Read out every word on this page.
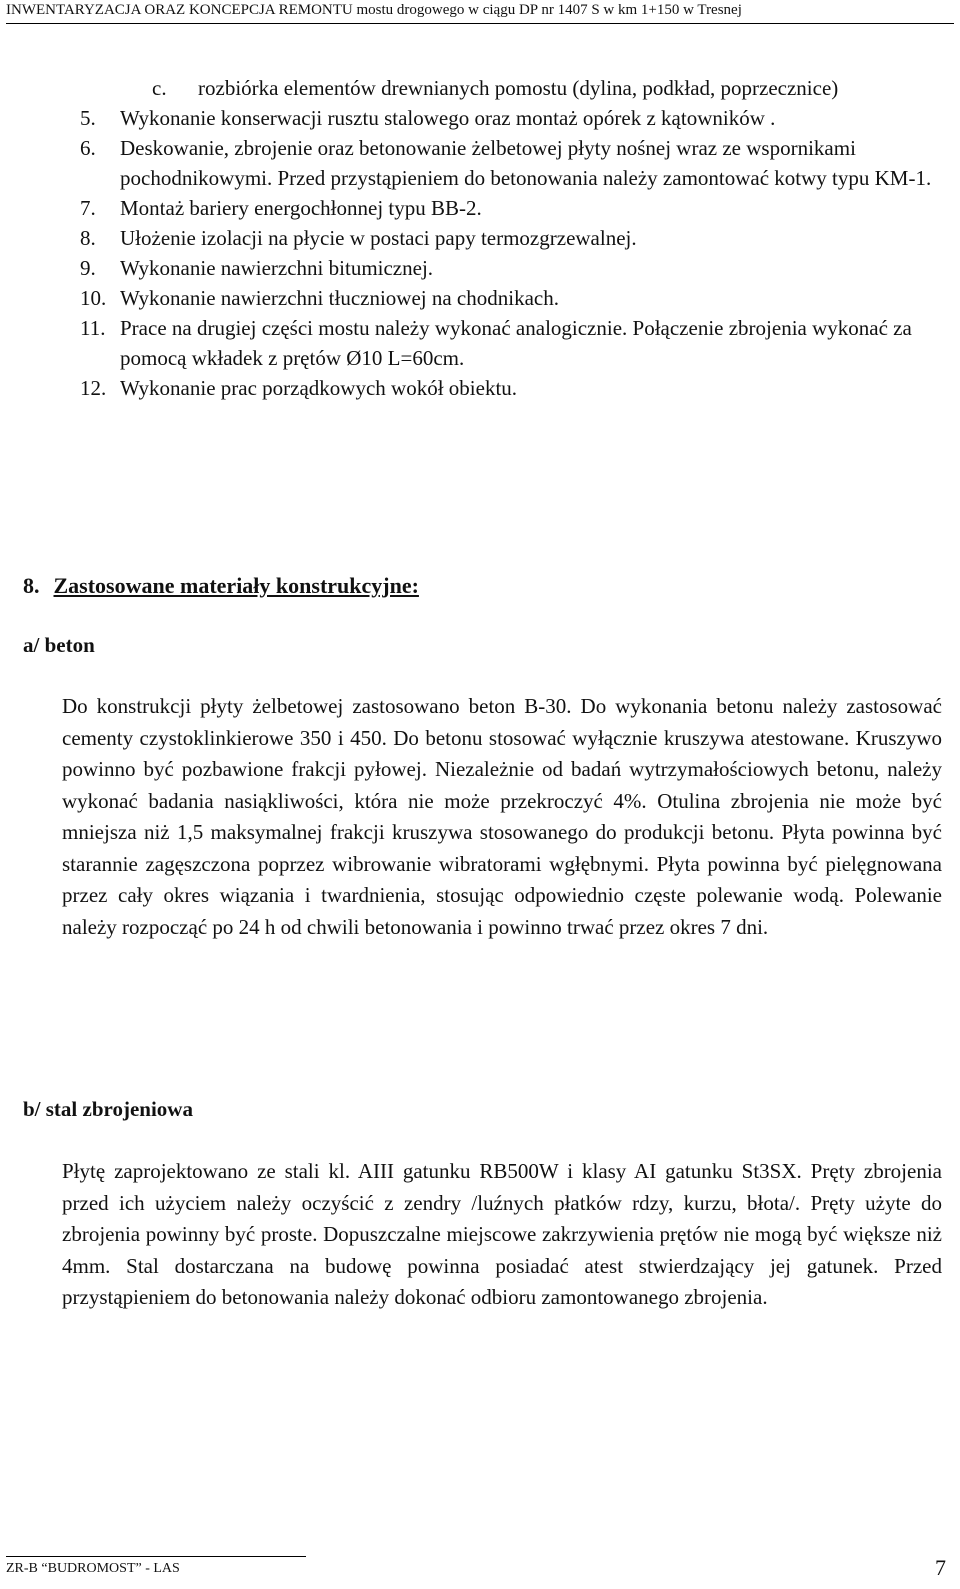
INWENTARYZACJA ORAZ KONCEPCJA REMONTU mostu drogowego w ciągu DP nr 1407 S w km 1+150 w Tresnej
c. rozbiórka elementów drewnianych pomostu (dylina, podkład, poprzecznice)
5. Wykonanie konserwacji rusztu stalowego oraz montaż opórek z kątowników .
6. Deskowanie, zbrojenie oraz betonowanie żelbetowej płyty nośnej wraz ze wspornikami pochodnikowymi. Przed przystąpieniem do betonowania należy zamontować kotwy typu KM-1.
7. Montaż bariery energochłonnej typu BB-2.
8. Ułożenie izolacji na płycie w postaci papy termozgrzewalnej.
9. Wykonanie nawierzchni bitumicznej.
10. Wykonanie nawierzchni tłuczniowej na chodnikach.
11. Prace na drugiej części mostu należy wykonać analogicznie. Połączenie zbrojenia wykonać za pomocą wkładek z prętów Ø10 L=60cm.
12. Wykonanie prac porządkowych wokół obiektu.
8. Zastosowane materiały konstrukcyjne:
a/ beton

Do konstrukcji płyty żelbetowej zastosowano beton B-30. Do wykonania betonu należy zastosować cementy czystoklinkierowe 350 i 450. Do betonu stosować wyłącznie kruszywa atestowane. Kruszywo powinno być pozbawione frakcji pyłowej. Niezależnie od badań wytrzymałościowych betonu, należy wykonać badania nasiąkliwości, która nie może przekroczyć 4%. Otulina zbrojenia nie może być mniejsza niż 1,5 maksymalnej frakcji kruszywa stosowanego do produkcji betonu. Płyta powinna być starannie zagęszczona poprzez wibrowanie wibratorami wgłębnymi. Płyta powinna być pielęgnowana przez cały okres wiązania i twardnienia, stosując odpowiednio częste polewanie wodą. Polewanie należy rozpocząć po 24 h od chwili betonowania i powinno trwać przez okres 7 dni.

b/ stal zbrojeniowa

Płytę zaprojektowano ze stali kl. AIII gatunku RB500W i klasy AI gatunku St3SX. Pręty zbrojenia przed ich użyciem należy oczyścić z zendry /luźnych płatków rdzy, kurzu, błota/. Pręty użyte do zbrojenia powinny być proste. Dopuszczalne miejscowe zakrzywienia prętów nie mogą być większe niż 4mm. Stal dostarczana na budowę powinna posiadać atest stwierdzający jej gatunek. Przed przystąpieniem do betonowania należy dokonać odbioru zamontowanego zbrojenia.

ZR-B “BUDROMOST” - LAS	7
